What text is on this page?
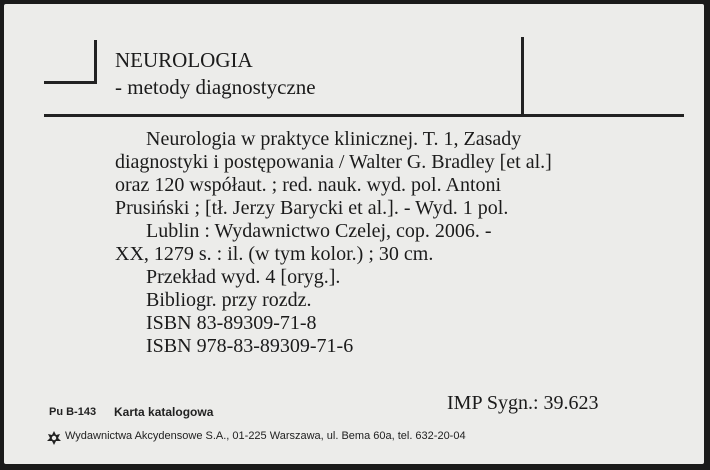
NEUROLOGIA
- metody diagnostyczne
Neurologia w praktyce klinicznej. T. 1, Zasady
diagnostyki i postępowania / Walter G. Bradley [et al.]
oraz 120 współaut. ; red. nauk. wyd. pol. Antoni
Prusiński ; [tł. Jerzy Barycki et al.]. - Wyd. 1 pol.
Lublin : Wydawnictwo Czelej, cop. 2006. -
XX, 1279 s. : il. (w tym kolor.) ; 30 cm.
Przekład wyd. 4 [oryg.].
Bibliogr. przy rozdz.
ISBN 83-89309-71-8
ISBN 978-83-89309-71-6
IMP Sygn.: 39.623
Pu B-143 Karta katalogowa
Wydawnictwa Akcydensowe S.A., 01-225 Warszawa, ul. Bema 60a, tel. 632-20-04
